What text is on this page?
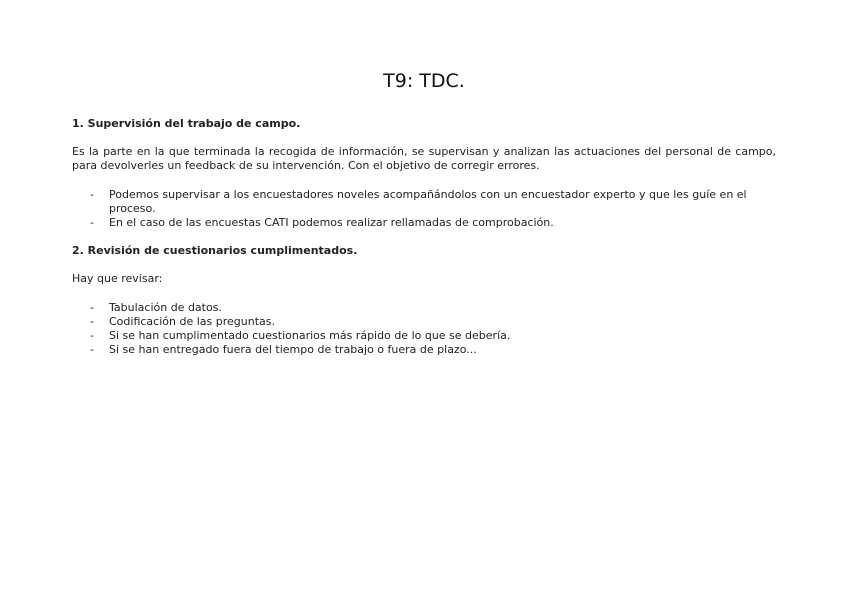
T9: TDC.
1. Supervisión del trabajo de campo.
Es la parte en la que terminada la recogida de información, se supervisan y analizan las actuaciones del personal de campo, para devolverles un feedback de su intervención. Con el objetivo de corregir errores.
- Podemos supervisar a los encuestadores noveles acompañándolos con un encuestador experto y que les guíe en el proceso.
- En el caso de las encuestas CATI podemos realizar rellamadas de comprobación.
2. Revisión de cuestionarios cumplimentados.
Hay que revisar:
- Tabulación de datos.
- Codificación de las preguntas.
- Si se han cumplimentado cuestionarios más rápido de lo que se debería.
- Si se han entregado fuera del tiempo de trabajo o fuera de plazo...
